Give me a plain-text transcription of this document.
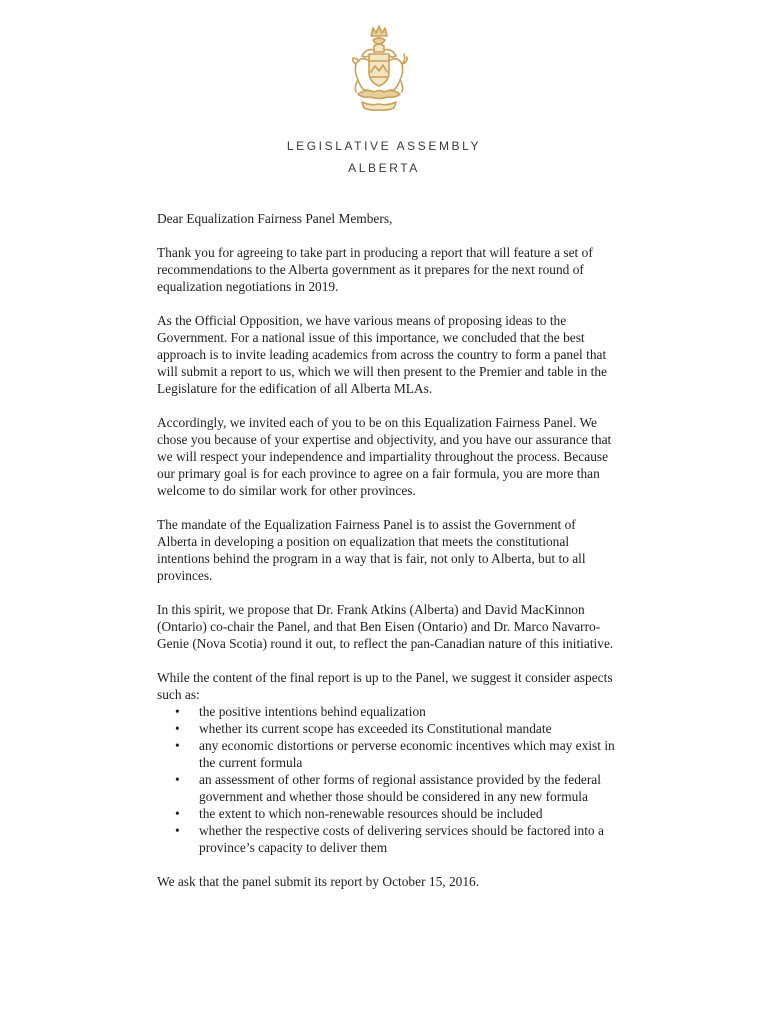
LEGISLATIVE ASSEMBLY
ALBERTA

Dear Equalization Fairness Panel Members,

Thank you for agreeing to take part in producing a report that will feature a set of recommendations to the Alberta government as it prepares for the next round of equalization negotiations in 2019.

As the Official Opposition, we have various means of proposing ideas to the Government. For a national issue of this importance, we concluded that the best approach is to invite leading academics from across the country to form a panel that will submit a report to us, which we will then present to the Premier and table in the Legislature for the edification of all Alberta MLAs.

Accordingly, we invited each of you to be on this Equalization Fairness Panel. We chose you because of your expertise and objectivity, and you have our assurance that we will respect your independence and impartiality throughout the process. Because our primary goal is for each province to agree on a fair formula, you are more than welcome to do similar work for other provinces.

The mandate of the Equalization Fairness Panel is to assist the Government of Alberta in developing a position on equalization that meets the constitutional intentions behind the program in a way that is fair, not only to Alberta, but to all provinces.

In this spirit, we propose that Dr. Frank Atkins (Alberta) and David MacKinnon (Ontario) co-chair the Panel, and that Ben Eisen (Ontario) and Dr. Marco Navarro-Genie (Nova Scotia) round it out, to reflect the pan-Canadian nature of this initiative.

While the content of the final report is up to the Panel, we suggest it consider aspects such as:

• the positive intentions behind equalization
• whether its current scope has exceeded its Constitutional mandate
• any economic distortions or perverse economic incentives which may exist in the current formula
• an assessment of other forms of regional assistance provided by the federal government and whether those should be considered in any new formula
• the extent to which non-renewable resources should be included
• whether the respective costs of delivering services should be factored into a province’s capacity to deliver them

We ask that the panel submit its report by October 15, 2016.
